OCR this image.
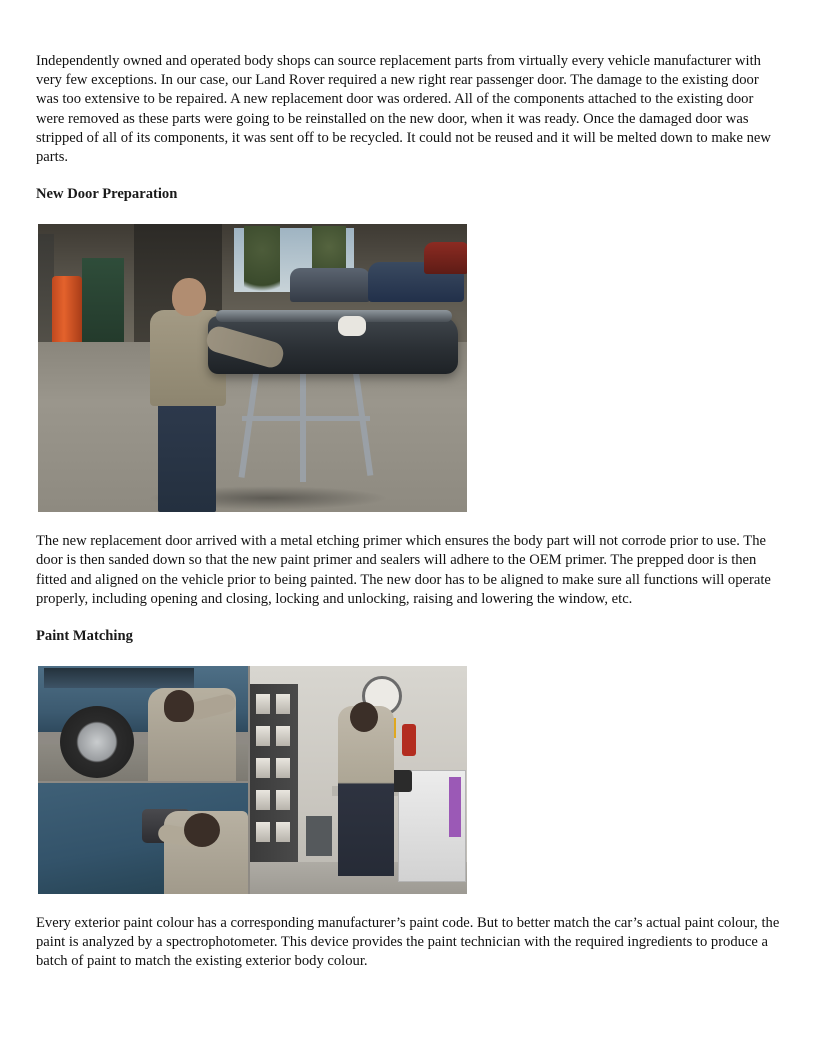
Independently owned and operated body shops can source replacement parts from virtually every vehicle manufacturer with very few exceptions. In our case, our Land Rover required a new right rear passenger door. The damage to the existing door was too extensive to be repaired. A new replacement door was ordered. All of the components attached to the existing door were removed as these parts were going to be reinstalled on the new door, when it was ready. Once the damaged door was stripped of all of its components, it was sent off to be recycled. It could not be reused and it will be melted down to make new parts.

New Door Preparation

The new replacement door arrived with a metal etching primer which ensures the body part will not corrode prior to use. The door is then sanded down so that the new paint primer and sealers will adhere to the OEM primer. The prepped door is then fitted and aligned on the vehicle prior to being painted. The new door has to be aligned to make sure all functions will operate properly, including opening and closing, locking and unlocking, raising and lowering the window, etc.

Paint Matching

Every exterior paint colour has a corresponding manufacturer’s paint code. But to better match the car’s actual paint colour, the paint is analyzed by a spectrophotometer. This device provides the paint technician with the required ingredients to produce a batch of paint to match the existing exterior body colour.
